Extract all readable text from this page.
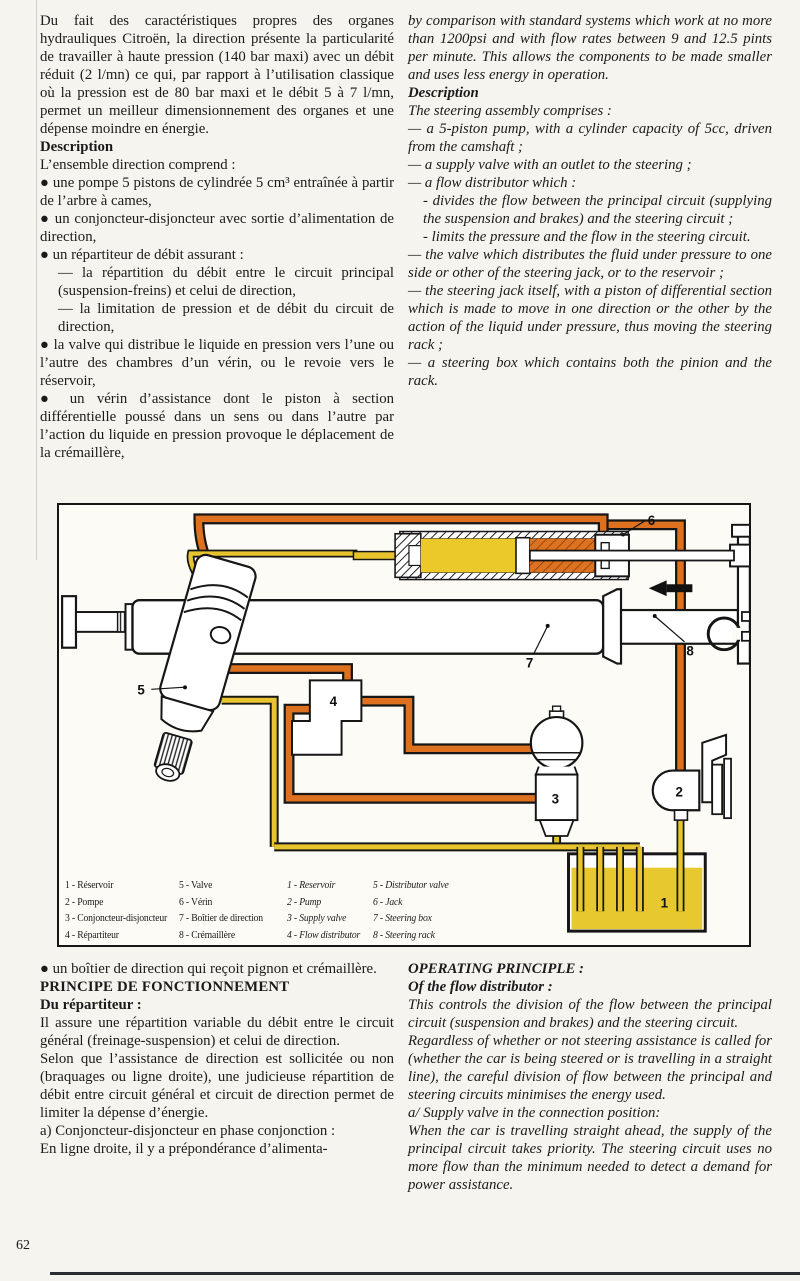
Du fait des caractéristiques propres des organes hydrauliques Citroën, la direction présente la particularité de travailler à haute pression (140 bar maxi) avec un débit réduit (2 l/mn) ce qui, par rapport à l’utilisation classique où la pression est de 80 bar maxi et le débit 5 à 7 l/mn, permet un meilleur dimensionnement des organes et une dépense moindre en énergie.

Description

L’ensemble direction comprend :

● une pompe 5 pistons de cylindrée 5 cm³ entraînée à partir de l’arbre à cames,

● un conjoncteur-disjoncteur avec sortie d’alimentation de direction,

● un répartiteur de débit assurant :

— la répartition du débit entre le circuit principal (suspension-freins) et celui de direction,

— la limitation de pression et de débit du circuit de direction,

● la valve qui distribue le liquide en pression vers l’une ou l’autre des chambres d’un vérin, ou le revoie vers le réservoir,

● un vérin d’assistance dont le piston à section différentielle poussé dans un sens ou dans l’autre par l’action du liquide en pression provoque le déplacement de la crémaillère,

by comparison with standard systems which work at no more than 1200psi and with flow rates between 9 and 12.5 pints per minute. This allows the components to be made smaller and uses less energy in operation.

Description

The steering assembly comprises :

— a 5-piston pump, with a cylinder capacity of 5cc, driven from the camshaft ;

— a supply valve with an outlet to the steering ;

— a flow distributor which :

- divides the flow between the principal circuit (supplying the suspension and brakes) and the steering circuit ;

- limits the pressure and the flow in the steering circuit.

— the valve which distributes the fluid under pressure to one side or other of the steering jack, or to the reservoir ;

— the steering jack itself, with a piston of differential section which is made to move in one direction or the other by the action of the liquid under pressure, thus moving the steering rack ;

— a steering box which contains both the pinion and the rack.

6
7
8
5
4
3	2
1
1 - Réservoir
2 - Pompe
3 - Conjoncteur-disjoncteur
4 - Répartiteur
5 - Valve
6 - Vérin
7 - Boîtier de direction
8 - Crémaillère
1 - Reservoir
2 - Pump
3 - Supply valve
4 - Flow distributor
5 - Distributor valve
6 - Jack
7 - Steering box
8 - Steering rack

● un boîtier de direction qui reçoit pignon et crémaillère.

PRINCIPE DE FONCTIONNEMENT

Du répartiteur :

Il assure une répartition variable du débit entre le circuit général (freinage-suspension) et celui de direction.

Selon que l’assistance de direction est sollicitée ou non (braquages ou ligne droite), une judicieuse répartition de débit entre circuit général et circuit de direction permet de limiter la dépense d’énergie.

a) Conjoncteur-disjoncteur en phase conjonction :

En ligne droite, il y a prépondérance d’alimenta-

OPERATING PRINCIPLE :

Of the flow distributor :

This controls the division of the flow between the principal circuit (suspension and brakes) and the steering circuit.

Regardless of whether or not steering assistance is called for (whether the car is being steered or is travelling in a straight line), the careful division of flow between the principal and steering circuits minimises the energy used.

a/ Supply valve in the connection position:

When the car is travelling straight ahead, the supply of the principal circuit takes priority. The steering circuit uses no more flow than the minimum needed to detect a demand for power assistance.

62
